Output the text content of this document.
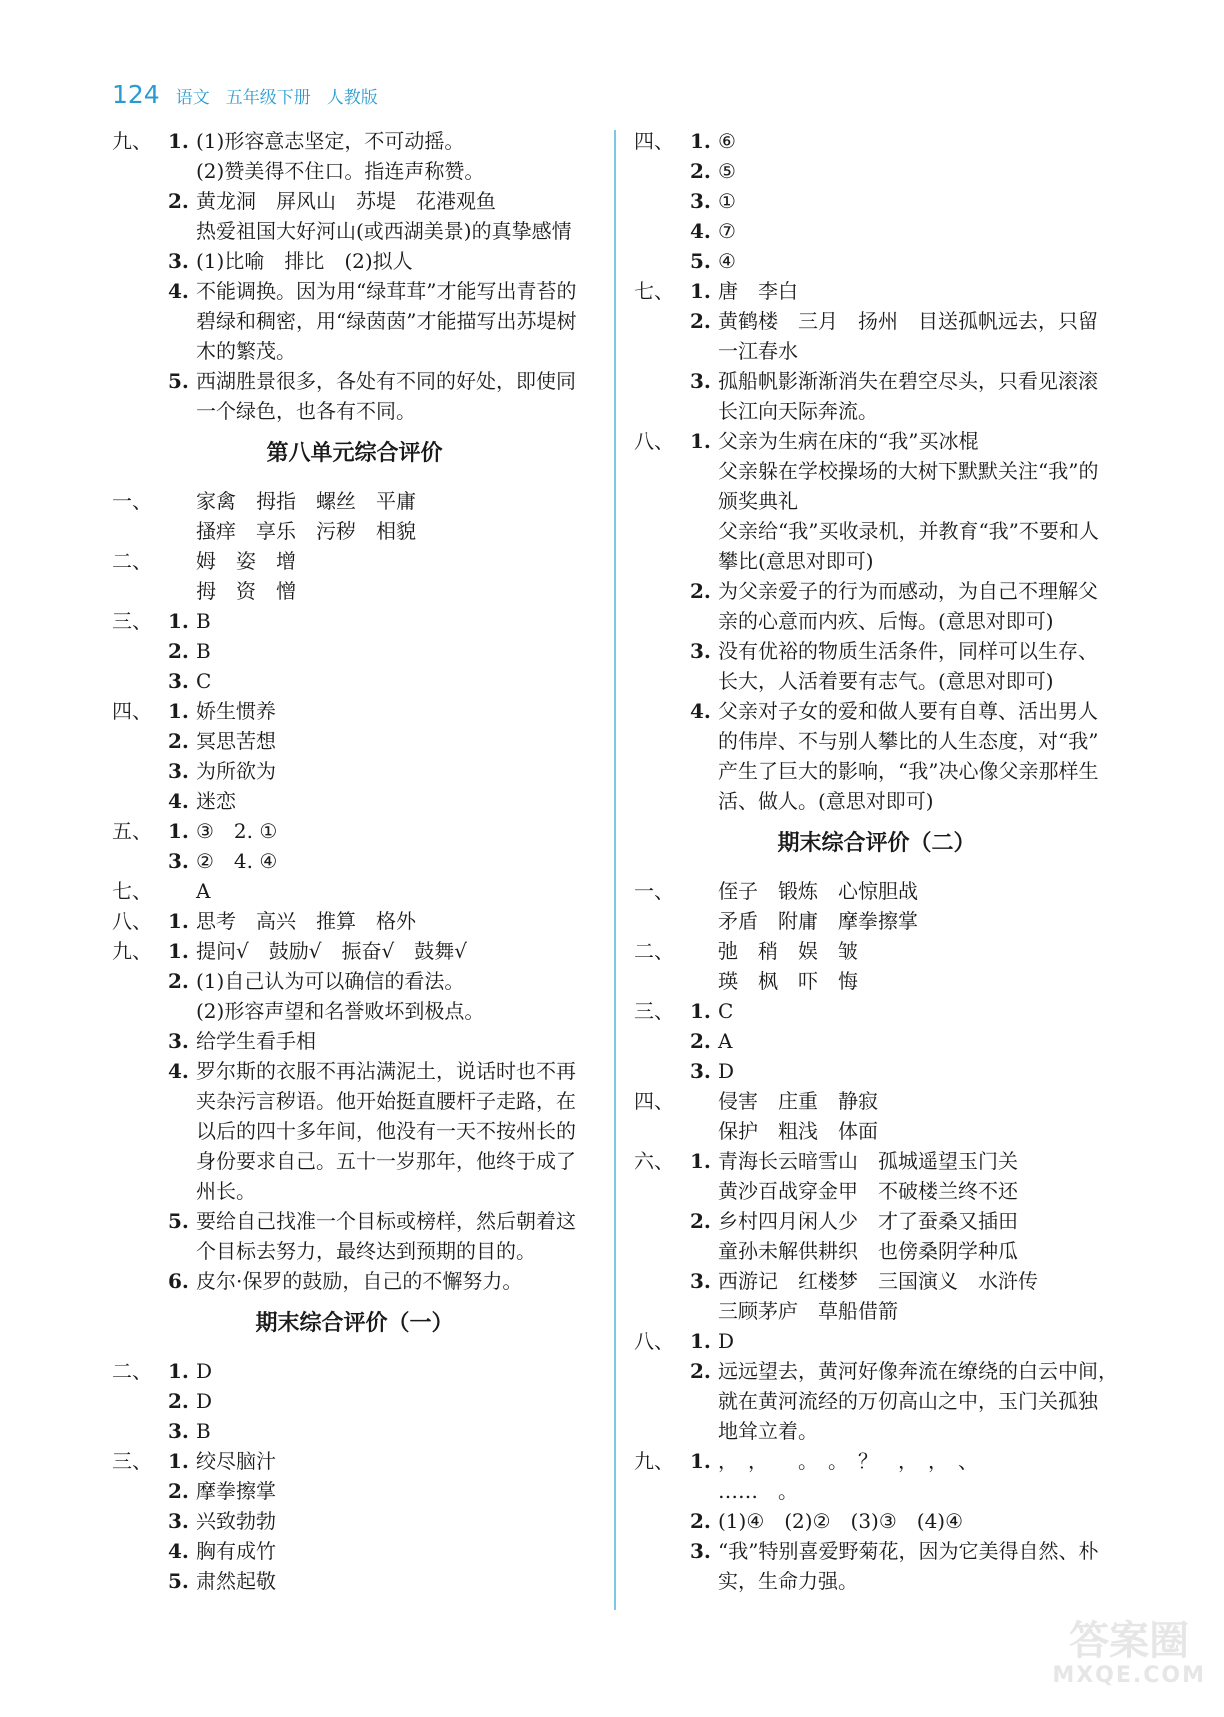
124 语文 五年级下册 人教版
九、 1. (1)形容意志坚定，不可动摇。
(2)赞美得不住口。指连声称赞。
2. 黄龙洞　屏风山　苏堤　花港观鱼
热爱祖国大好河山(或西湖美景)的真挚感情
3. (1)比喻　排比　(2)拟人
4. 不能调换。因为用“绿茸茸”才能写出青苔的
碧绿和稠密，用“绿茵茵”才能描写出苏堤树
木的繁茂。
5. 西湖胜景很多，各处有不同的好处，即使同
一个绿色，也各有不同。
第八单元综合评价
一、	家禽　拇指　螺丝　平庸
搔痒　享乐　污秽　相貌
二、	姆　姿　增
拇　资　憎
三、 1. B
2. B
3. C
四、 1. 娇生惯养
2. 冥思苦想
3. 为所欲为
4. 迷恋
五、 1. ③　2. ①
3. ②　4. ④
七、	A
八、 1. 思考　高兴　推算　格外
九、 1. 提问√　鼓励√　振奋√　鼓舞√
2. (1)自己认为可以确信的看法。
(2)形容声望和名誉败坏到极点。
3. 给学生看手相
4. 罗尔斯的衣服不再沾满泥土，说话时也不再
夹杂污言秽语。他开始挺直腰杆子走路，在
以后的四十多年间，他没有一天不按州长的
身份要求自己。五十一岁那年，他终于成了
州长。
5. 要给自己找准一个目标或榜样，然后朝着这
个目标去努力，最终达到预期的目的。
6. 皮尔·保罗的鼓励，自己的不懈努力。
期末综合评价（一）
二、 1. D
2. D
3. B
三、 1. 绞尽脑汁
2. 摩拳擦掌
3. 兴致勃勃
4. 胸有成竹
5. 肃然起敬
四、 1. ⑥
2. ⑤
3. ①
4. ⑦
5. ④
七、 1. 唐　李白
2. 黄鹤楼　三月　扬州　目送孤帆远去，只留
一江春水
3. 孤船帆影渐渐消失在碧空尽头，只看见滚滚
长江向天际奔流。
八、 1. 父亲为生病在床的“我”买冰棍
父亲躲在学校操场的大树下默默关注“我”的
颁奖典礼
父亲给“我”买收录机，并教育“我”不要和人
攀比(意思对即可)
2. 为父亲爱子的行为而感动，为自己不理解父
亲的心意而内疚、后悔。(意思对即可)
3. 没有优裕的物质生活条件，同样可以生存、
长大，人活着要有志气。(意思对即可)
4. 父亲对子女的爱和做人要有自尊、活出男人
的伟岸、不与别人攀比的人生态度，对“我”
产生了巨大的影响，“我”决心像父亲那样生
活、做人。(意思对即可)
期末综合评价（二）
一、	侄子　锻炼　心惊胆战
矛盾　附庸　摩拳擦掌
二、	弛　稍　娱　皱
瑛　枫　吓　悔
三、 1. C
2. A
3. D
四、	侵害　庄重　静寂
保护　粗浅　体面
六、 1. 青海长云暗雪山　孤城遥望玉门关
黄沙百战穿金甲　不破楼兰终不还
2. 乡村四月闲人少　才了蚕桑又插田
童孙未解供耕织　也傍桑阴学种瓜
3. 西游记　红楼梦　三国演义　水浒传
三顾茅庐　草船借箭
八、 1. D
2. 远远望去，黄河好像奔流在缭绕的白云中间，
就在黄河流经的万仞高山之中，玉门关孤独
地耸立着。
九、 1. ，　，　　。　。　？　，　，　、
……　。
2. (1)④　(2)②　(3)③　(4)④
3. “我”特别喜爱野菊花，因为它美得自然、朴
实，生命力强。
答案圈
MXQE.COM
